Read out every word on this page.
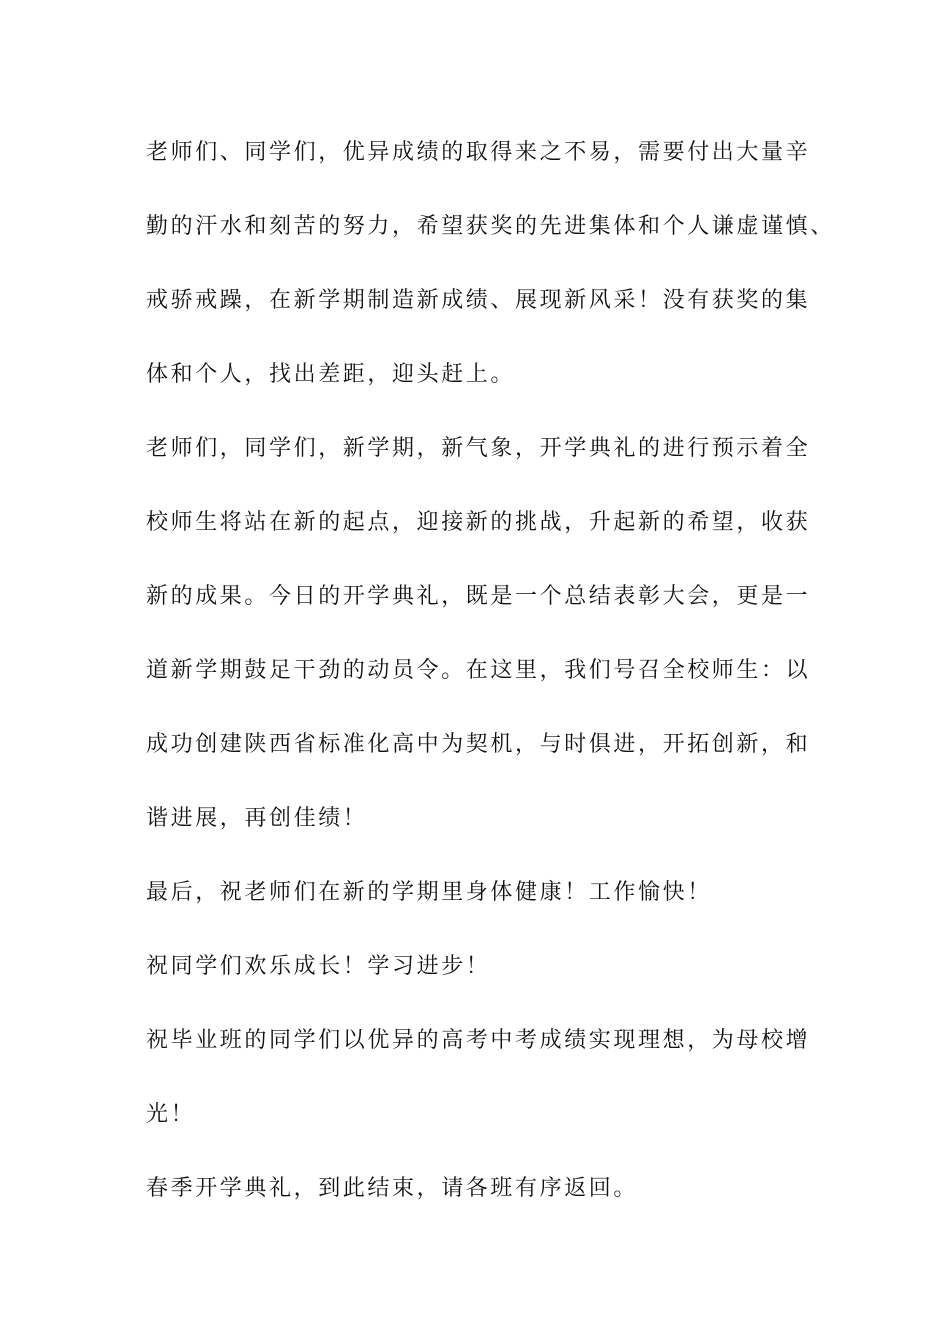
老师们、同学们，优异成绩的取得来之不易，需要付出大量辛
勤的汗水和刻苦的努力，希望获奖的先进集体和个人谦虚谨慎、
戒骄戒躁，在新学期制造新成绩、展现新风采！没有获奖的集
体和个人，找出差距，迎头赶上。
老师们，同学们，新学期，新气象，开学典礼的进行预示着全
校师生将站在新的起点，迎接新的挑战，升起新的希望，收获
新的成果。今日的开学典礼，既是一个总结表彰大会，更是一
道新学期鼓足干劲的动员令。在这里，我们号召全校师生：以
成功创建陕西省标准化高中为契机，与时俱进，开拓创新，和
谐进展，再创佳绩！
最后，祝老师们在新的学期里身体健康！工作愉快！
祝同学们欢乐成长！学习进步！
祝毕业班的同学们以优异的高考中考成绩实现理想，为母校增
光！
春季开学典礼，到此结束，请各班有序返回。
